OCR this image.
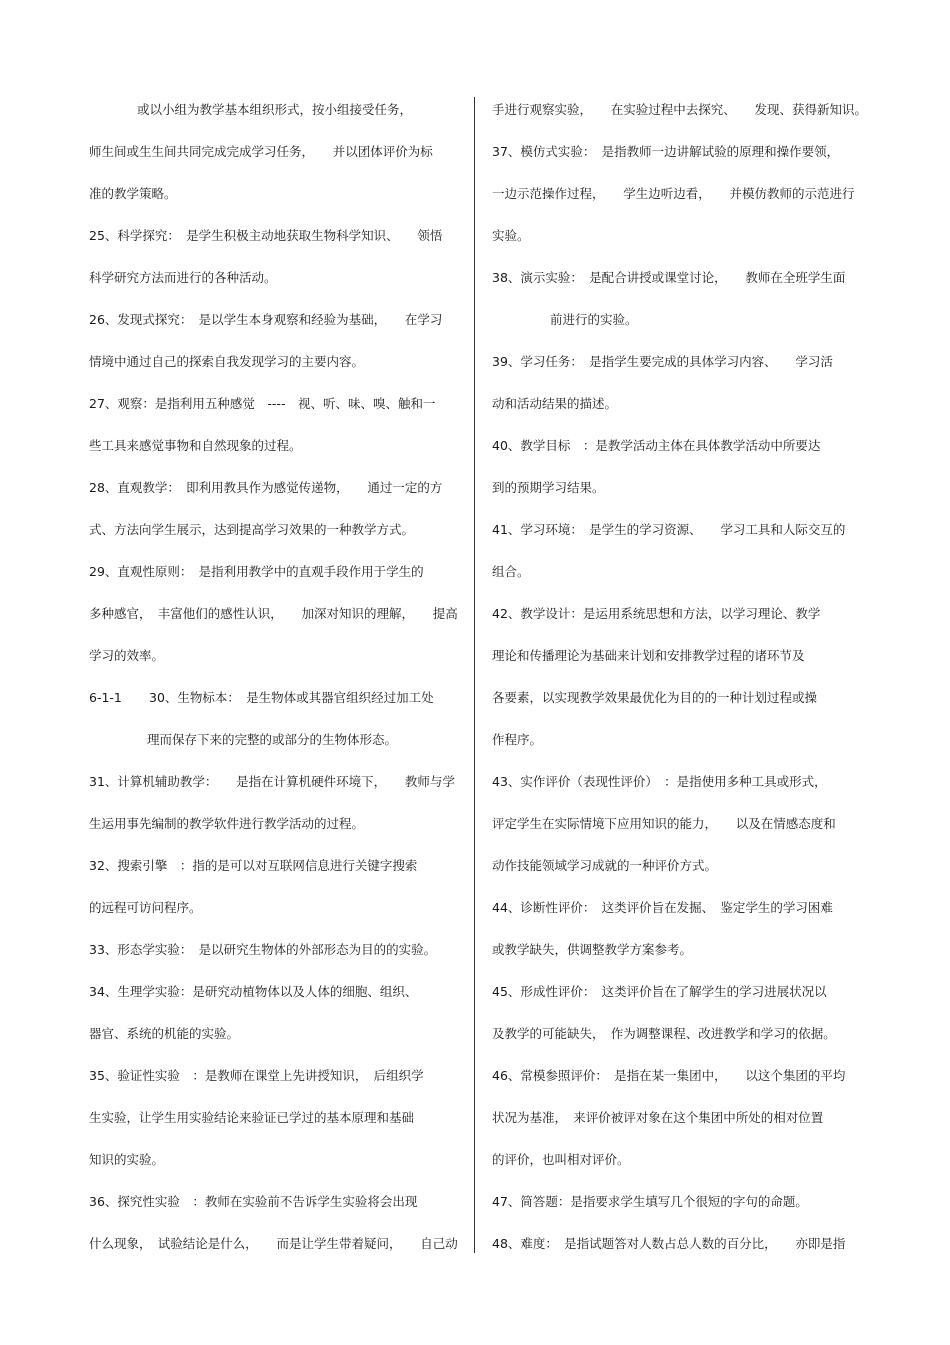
或以小组为教学基本组织形式，按小组接受任务，
师生间或生生间共同完成完成学习任务，　　并以团体评价为标
准的教学策略。
25、科学探究：　是学生积极主动地获取生物科学知识、　　领悟
科学研究方法而进行的各种活动。
26、发现式探究：　是以学生本身观察和经验为基础，　　在学习
情境中通过自己的探索自我发现学习的主要内容。
27、观察：是指利用五种感觉　----　视、听、味、嗅、触和一
些工具来感觉事物和自然现象的过程。
28、直观教学：　即利用教具作为感觉传递物，　　通过一定的方
式、方法向学生展示，达到提高学习效果的一种教学方式。
29、直观性原则：　是指利用教学中的直观手段作用于学生的
多种感官，　丰富他们的感性认识，　　加深对知识的理解，　　提高
学习的效率。
6-1-1 30、生物标本：　是生物体或其器官组织经过加工处
理而保存下来的完整的或部分的生物体形态。
31、计算机辅助教学：　　是指在计算机硬件环境下，　　教师与学
生运用事先编制的教学软件进行教学活动的过程。
32、搜索引擎　：指的是可以对互联网信息进行关键字搜索
的远程可访问程序。
33、形态学实验：　是以研究生物体的外部形态为目的的实验。
34、生理学实验：是研究动植物体以及人体的细胞、组织、
器官、系统的机能的实验。
35、验证性实验　：是教师在课堂上先讲授知识，　后组织学
生实验，让学生用实验结论来验证已学过的基本原理和基础
知识的实验。
36、探究性实验　：教师在实验前不告诉学生实验将会出现
什么现象，　试验结论是什么，　　而是让学生带着疑问，　　自己动
手进行观察实验，　　在实验过程中去探究、　　发现、获得新知识。
37、模仿式实验：　是指教师一边讲解试验的原理和操作要领，
一边示范操作过程，　　学生边听边看，　　并模仿教师的示范进行
实验。
38、演示实验：　是配合讲授或课堂讨论，　　教师在全班学生面
前进行的实验。
39、学习任务：　是指学生要完成的具体学习内容、　　学习活
动和活动结果的描述。
40、教学目标　：是教学活动主体在具体教学活动中所要达
到的预期学习结果。
41、学习环境：　是学生的学习资源、　　学习工具和人际交互的
组合。
42、教学设计：是运用系统思想和方法，以学习理论、教学
理论和传播理论为基础来计划和安排教学过程的诸环节及
各要素，以实现教学效果最优化为目的的一种计划过程或操
作程序。
43、实作评价（表现性评价）　：是指使用多种工具或形式，
评定学生在实际情境下应用知识的能力，　　以及在情感态度和
动作技能领域学习成就的一种评价方式。
44、诊断性评价：　这类评价旨在发掘、　鉴定学生的学习困难
或教学缺失，供调整教学方案参考。
45、形成性评价：　这类评价旨在了解学生的学习进展状况以
及教学的可能缺失，　作为调整课程、改进教学和学习的依据。
46、常模参照评价：　是指在某一集团中，　　以这个集团的平均
状况为基准，　来评价被评对象在这个集团中所处的相对位置
的评价，也叫相对评价。
47、简答题：是指要求学生填写几个很短的字句的命题。
48、难度：　是指试题答对人数占总人数的百分比，　　亦即是指
